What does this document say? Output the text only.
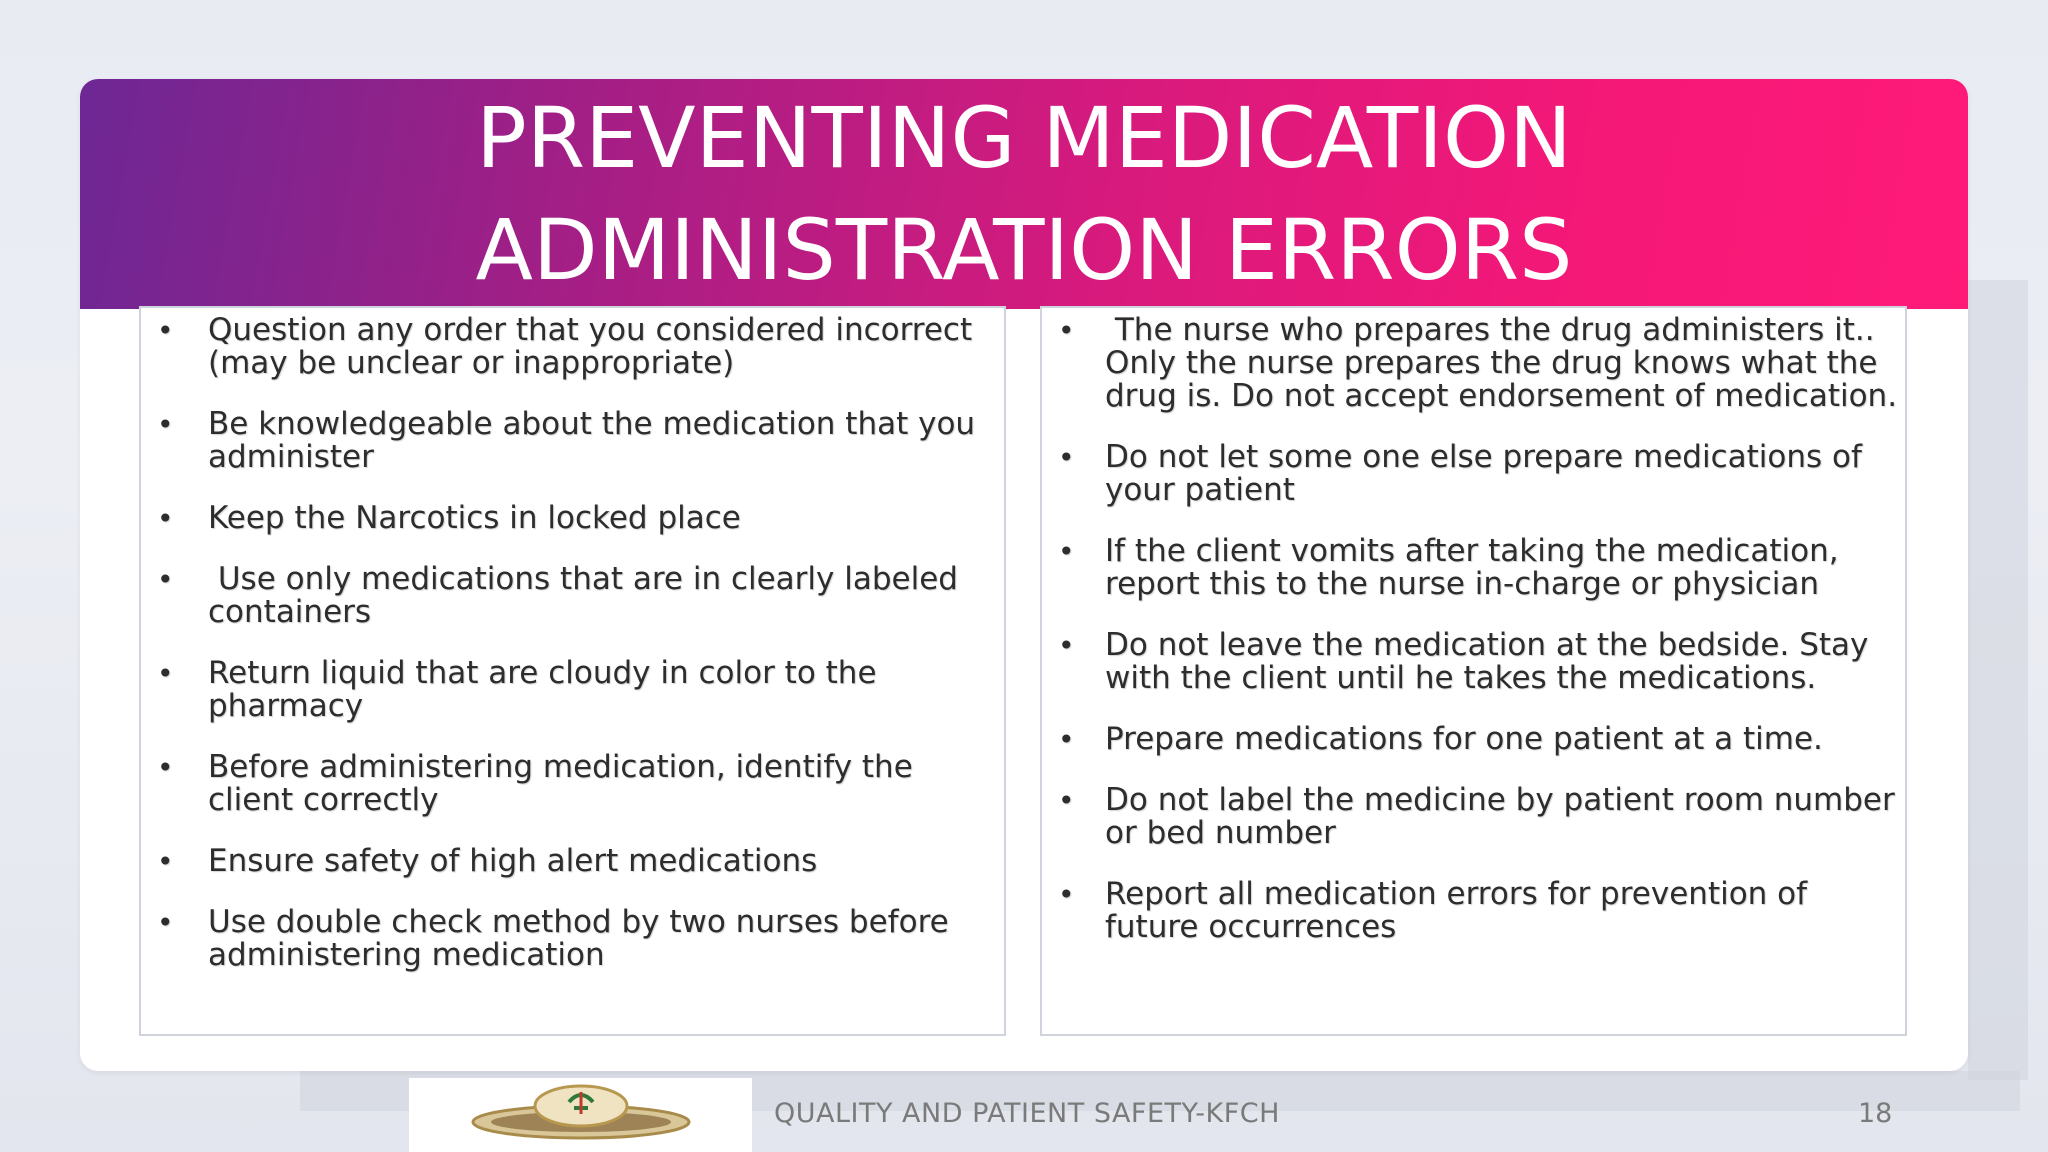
PREVENTING MEDICATION
ADMINISTRATION ERRORS
• Question any order that you considered incorrect (may be unclear or inappropriate)
• Be knowledgeable about the medication that you administer
• Keep the Narcotics in locked place
• Use only medications that are in clearly labeled containers
• Return liquid that are cloudy in color to the pharmacy
• Before administering medication, identify the client correctly
• Ensure safety of high alert medications
• Use double check method by two nurses before administering medication
• The nurse who prepares the drug administers it.. Only the nurse prepares the drug knows what the drug is. Do not accept endorsement of medication.
• Do not let some one else prepare medications of your patient
• If the client vomits after taking the medication, report this to the nurse in-charge or physician
• Do not leave the medication at the bedside. Stay with the client until he takes the medications.
• Prepare medications for one patient at a time.
• Do not label the medicine by patient room number or bed number
• Report all medication errors for prevention of future occurrences
QUALITY AND PATIENT SAFETY-KFCH	18
